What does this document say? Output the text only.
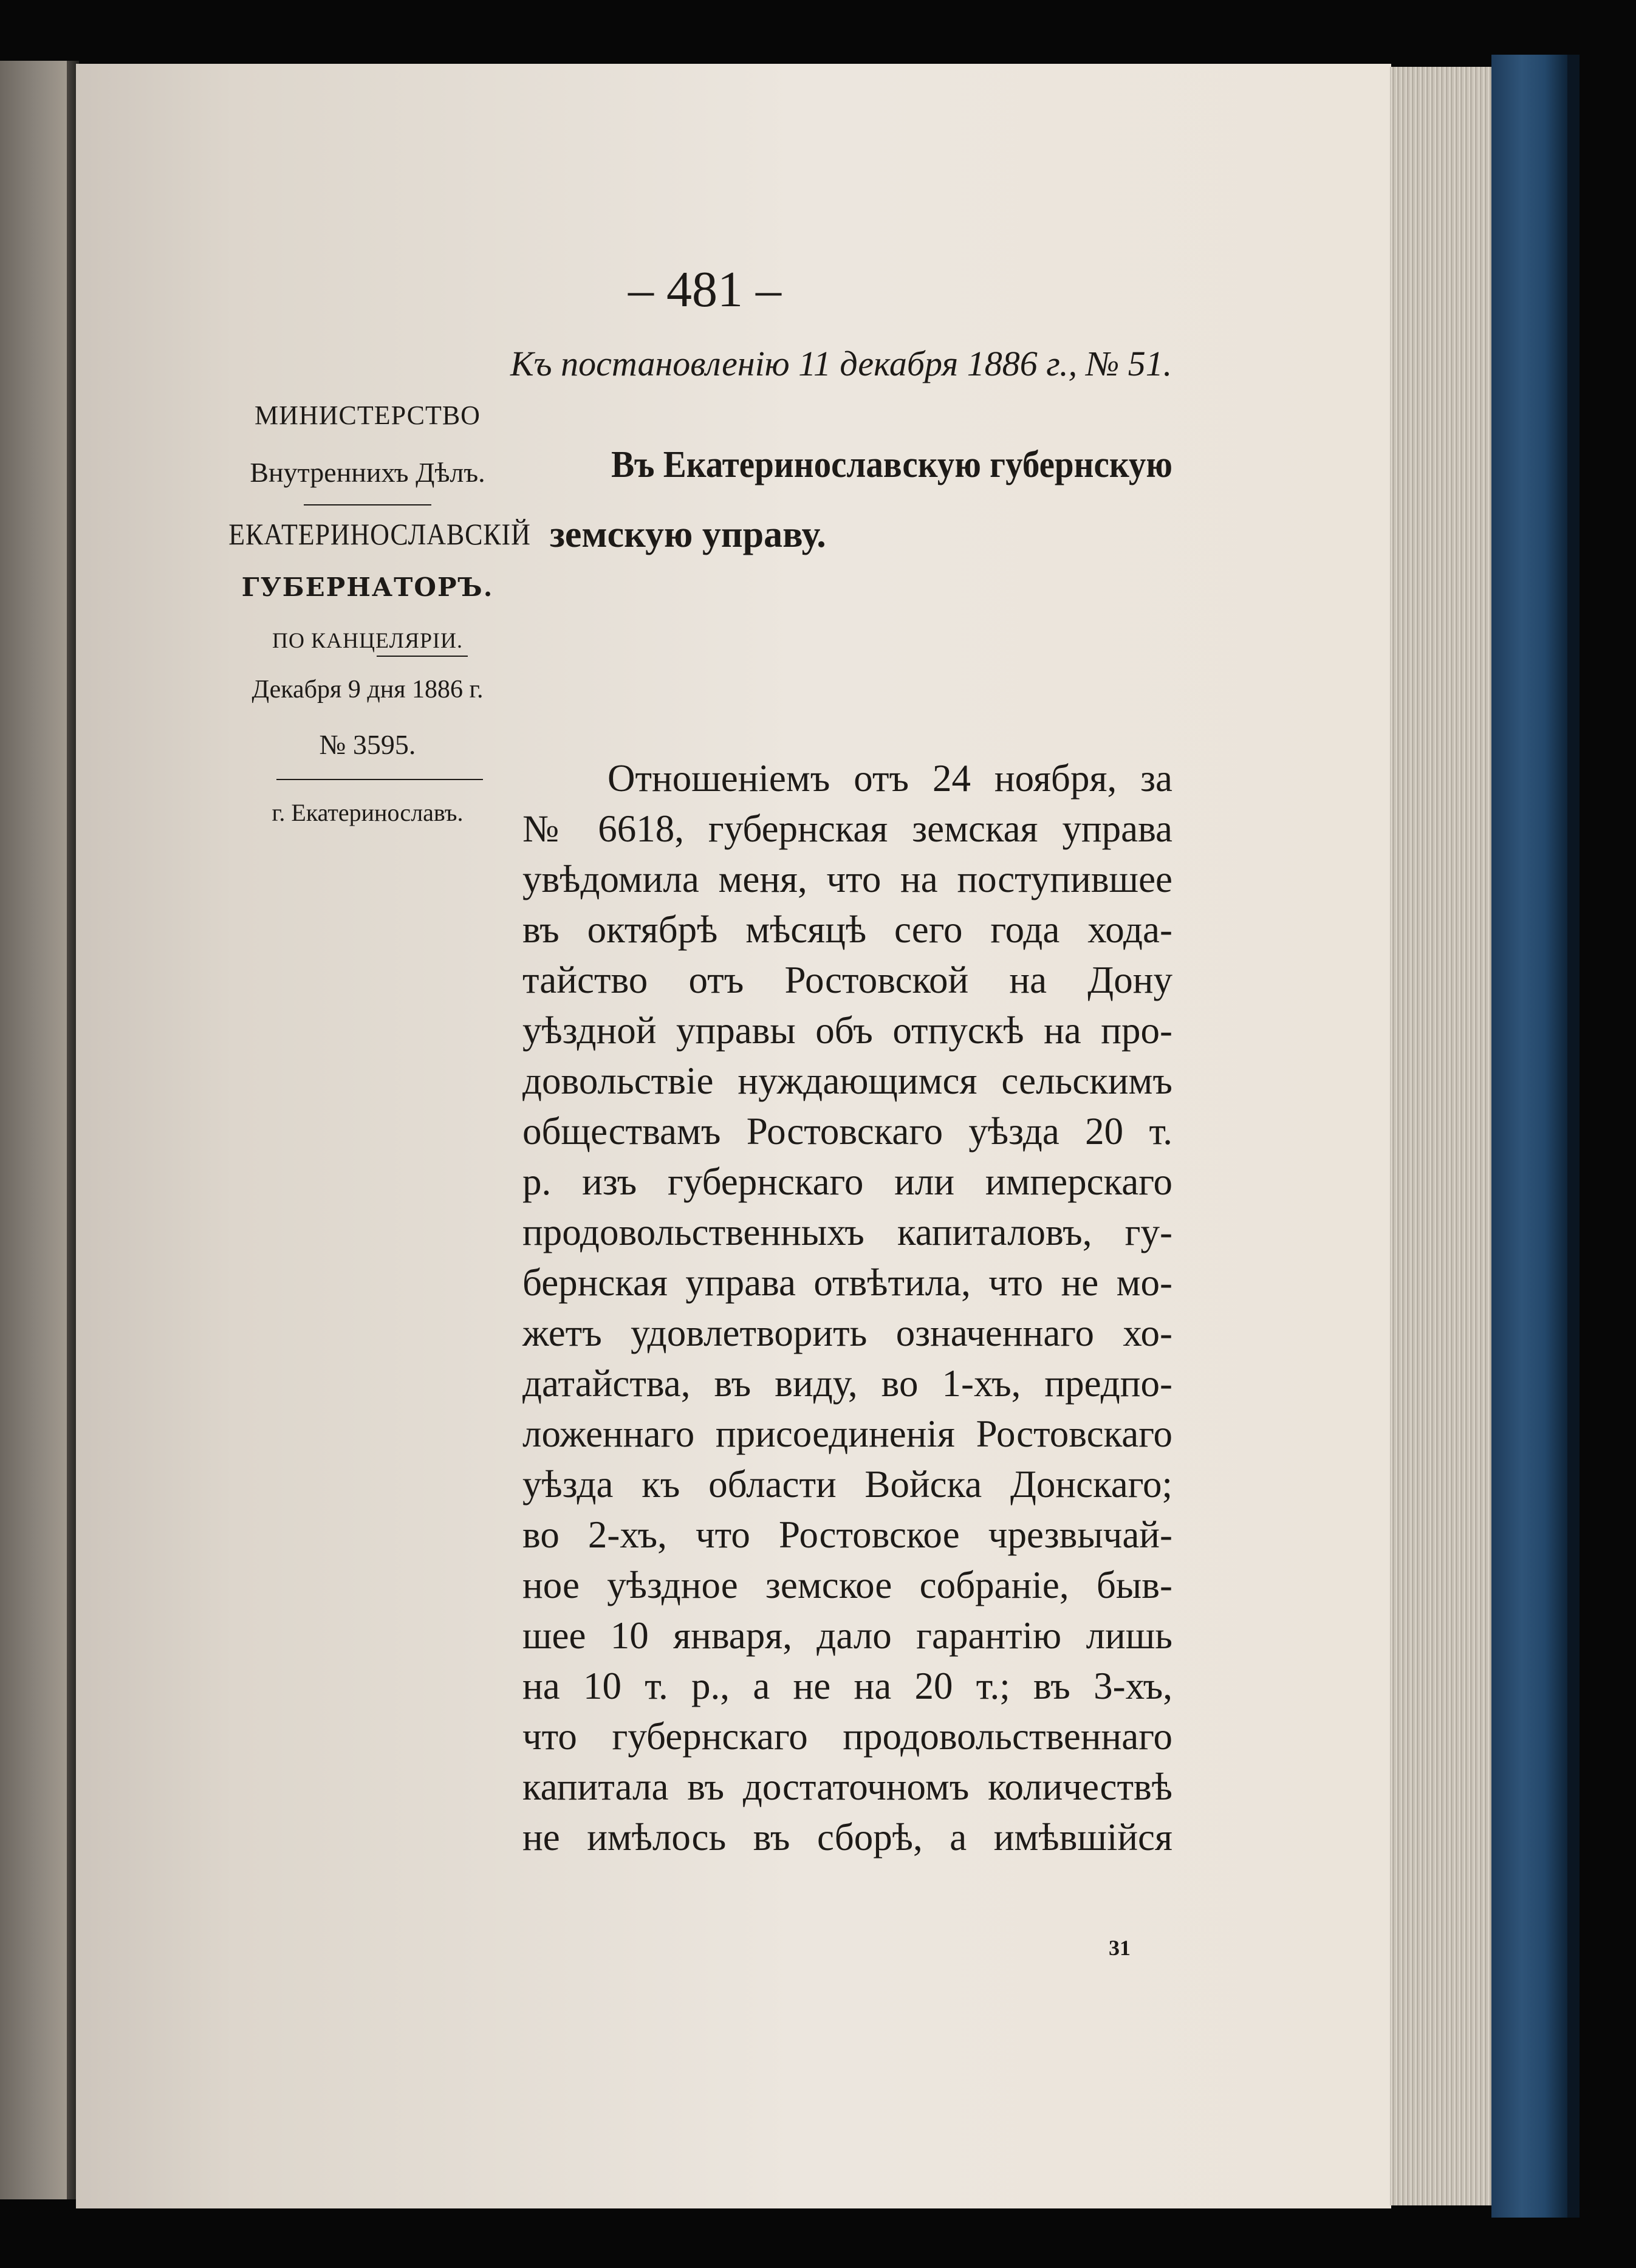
– 481 –
Къ постановленію 11 декабря 1886 г., № 51.
МИНИСТЕРСТВО
Внутреннихъ Дѣлъ.
ЕКАТЕРИНОСЛАВСКІЙ
ГУБЕРНАТОРЪ.
ПО КАНЦЕЛЯРІИ.
Декабря 9 дня 1886 г.
№ 3595.
г. Екатеринославъ.
Въ Екатеринославскую губернскую
земскую управу.
Отношеніемъ отъ 24 ноября, за
№ 6618, губернская земская управа
увѣдомила меня, что на поступившее
въ октябрѣ мѣсяцѣ сего года хода-
тайство отъ Ростовской на Дону
уѣздной управы объ отпускѣ на про-
довольствіе нуждающимся сельскимъ
обществамъ Ростовскаго уѣзда 20 т.
р. изъ губернскаго или имперскаго
продовольственныхъ капиталовъ, гу-
бернская управа отвѣтила, что не мо-
жетъ удовлетворить означеннаго хо-
датайства, въ виду, во 1-хъ, предпо-
ложеннаго присоединенія Ростовскаго
уѣзда къ области Войска Донскаго;
во 2-хъ, что Ростовское чрезвычай-
ное уѣздное земское собраніе, быв-
шее 10 января, дало гарантію лишь
на 10 т. р., а не на 20 т.; въ 3-хъ,
что губернскаго продовольственнаго
капитала въ достаточномъ количествѣ
не имѣлось въ сборѣ, а имѣвшійся
31
